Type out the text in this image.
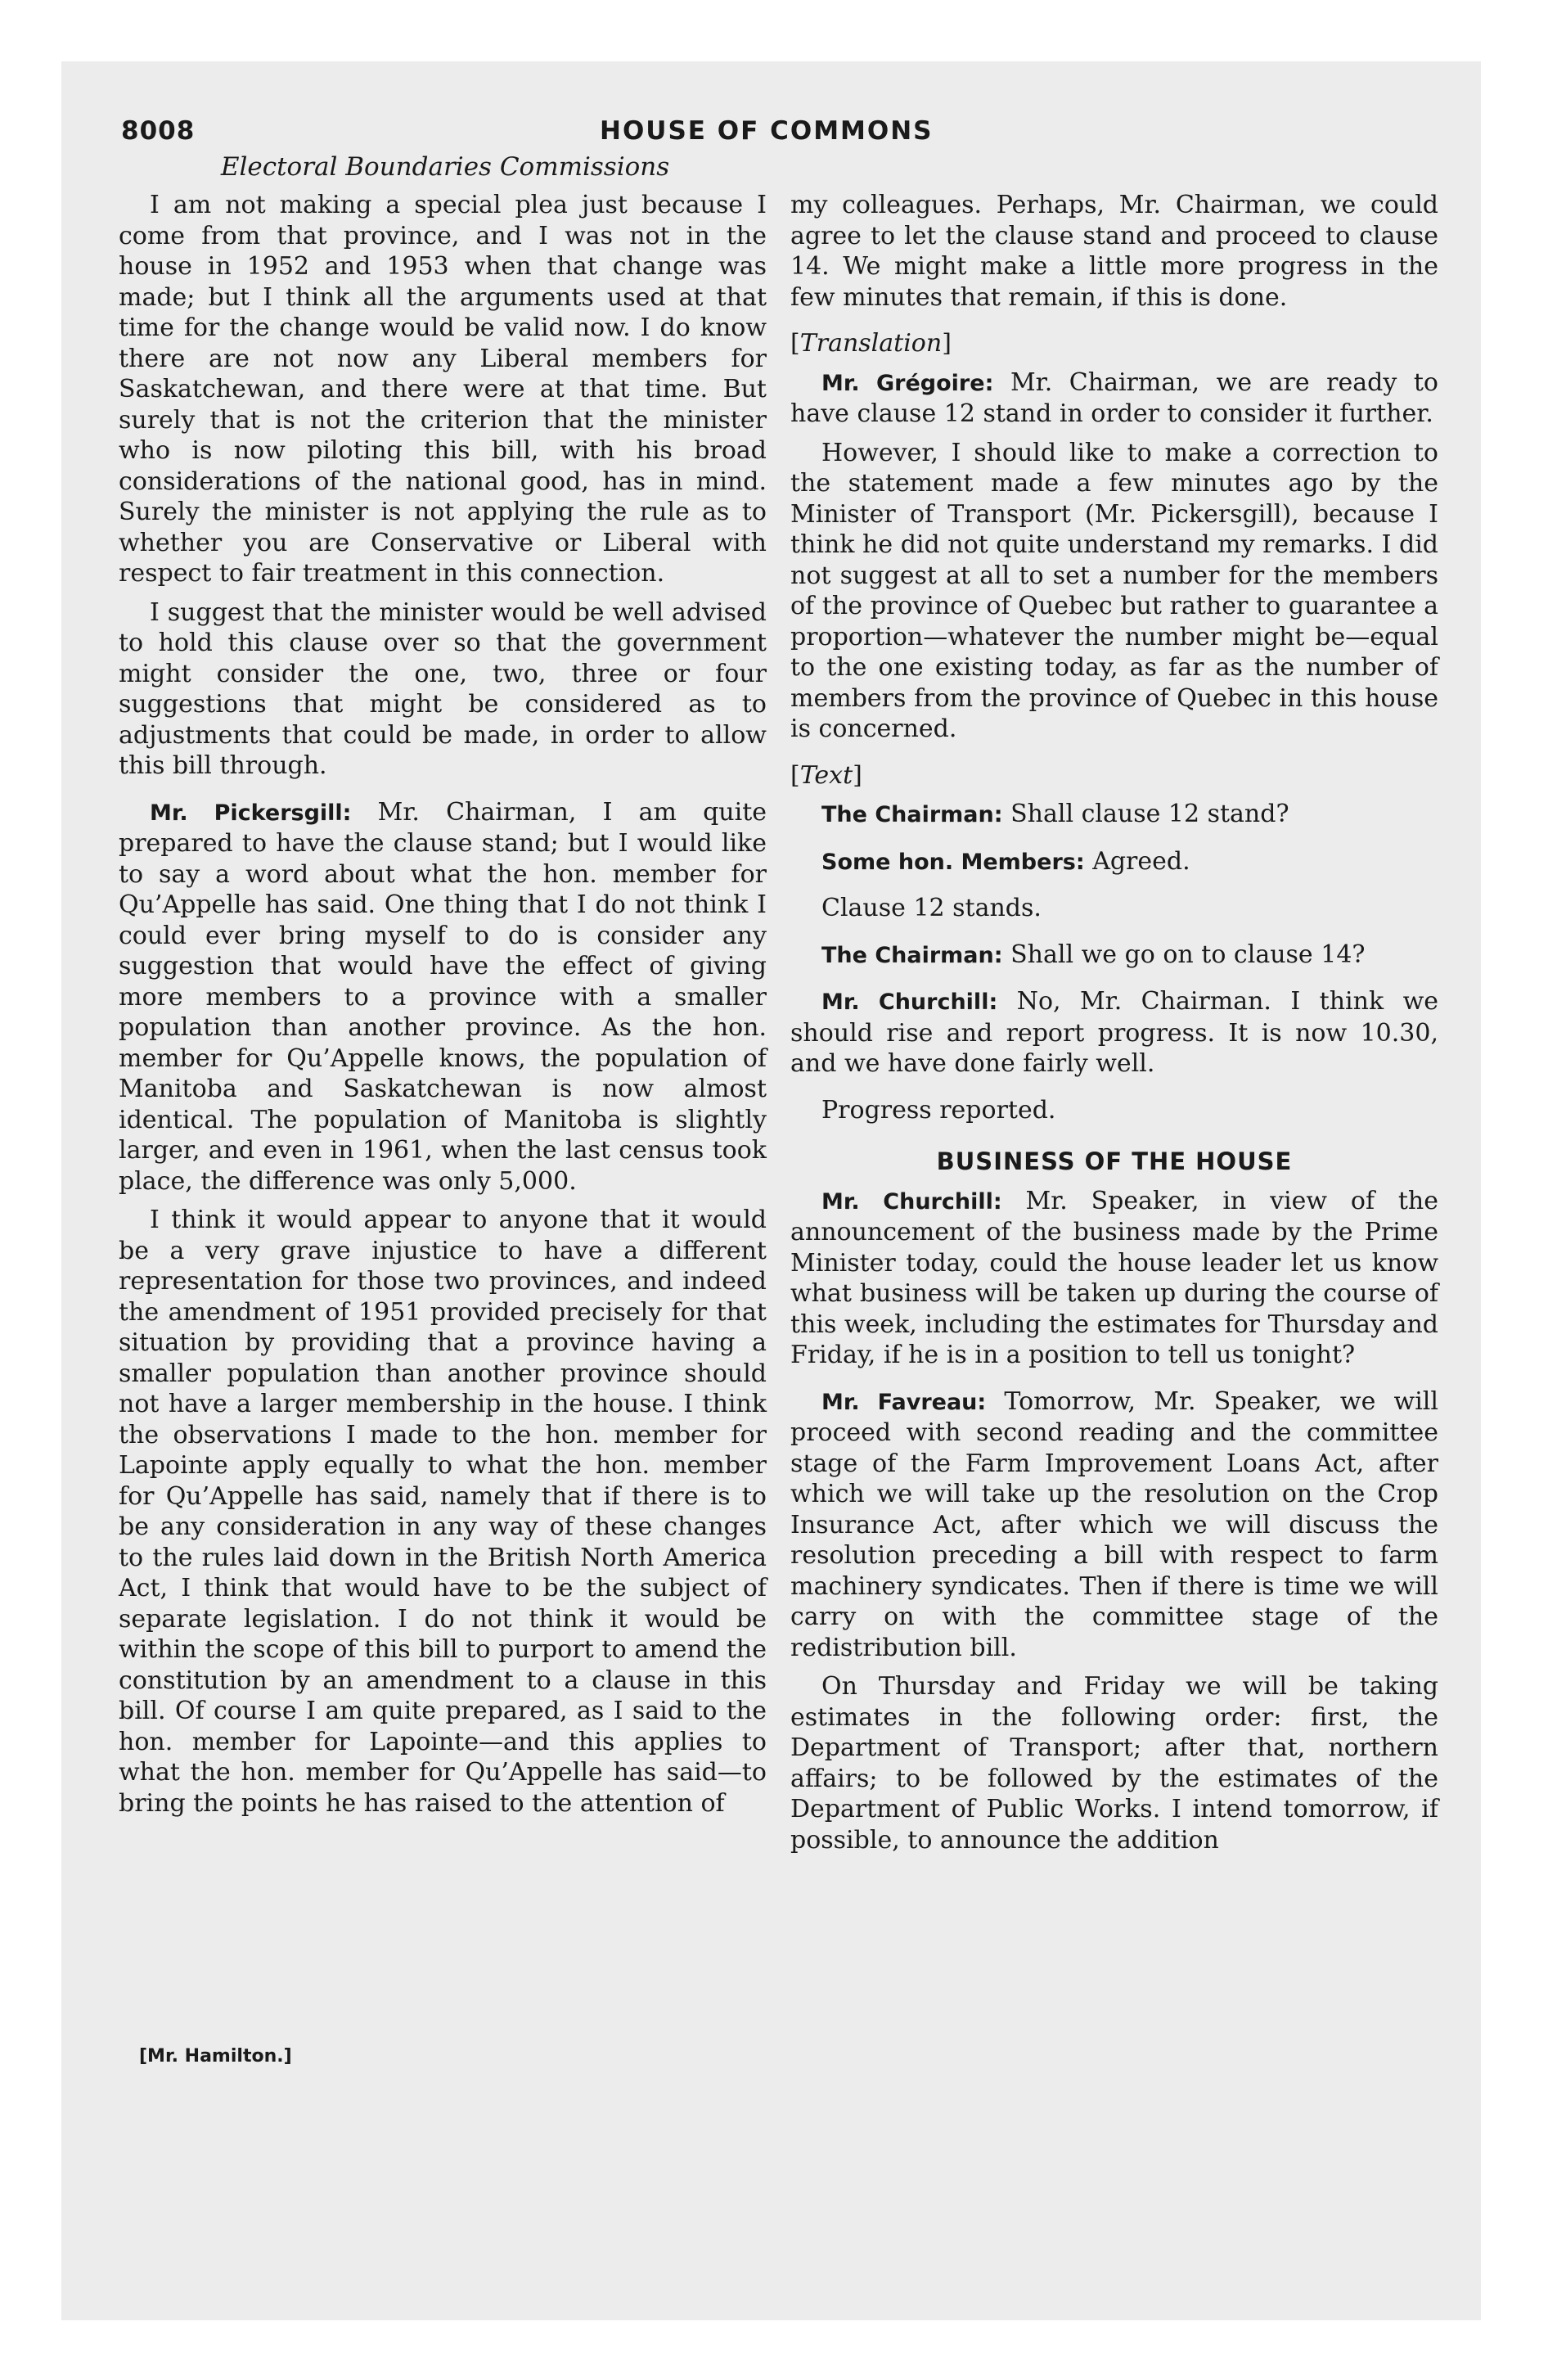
8008	HOUSE OF COMMONS
Electoral Boundaries Commissions

I am not making a special plea just because I come from that province, and I was not in the house in 1952 and 1953 when that change was made; but I think all the arguments used at that time for the change would be valid now. I do know there are not now any Liberal members for Saskatchewan, and there were at that time. But surely that is not the criterion that the minister who is now piloting this bill, with his broad considerations of the national good, has in mind. Surely the minister is not applying the rule as to whether you are Conservative or Liberal with respect to fair treatment in this connection.

I suggest that the minister would be well advised to hold this clause over so that the government might consider the one, two, three or four suggestions that might be considered as to adjustments that could be made, in order to allow this bill through.

Mr. Pickersgill: Mr. Chairman, I am quite prepared to have the clause stand; but I would like to say a word about what the hon. member for Qu’Appelle has said. One thing that I do not think I could ever bring myself to do is consider any suggestion that would have the effect of giving more members to a province with a smaller population than another province. As the hon. member for Qu’Appelle knows, the population of Manitoba and Saskatchewan is now almost identical. The population of Manitoba is slightly larger, and even in 1961, when the last census took place, the difference was only 5,000.

I think it would appear to anyone that it would be a very grave injustice to have a different representation for those two provinces, and indeed the amendment of 1951 provided precisely for that situation by providing that a province having a smaller population than another province should not have a larger membership in the house. I think the observations I made to the hon. member for Lapointe apply equally to what the hon. member for Qu’Appelle has said, namely that if there is to be any consideration in any way of these changes to the rules laid down in the British North America Act, I think that would have to be the subject of separate legislation. I do not think it would be within the scope of this bill to purport to amend the constitution by an amendment to a clause in this bill. Of course I am quite prepared, as I said to the hon. member for Lapointe—and this applies to what the hon. member for Qu’Appelle has said—to bring the points he has raised to the attention of

my colleagues. Perhaps, Mr. Chairman, we could agree to let the clause stand and proceed to clause 14. We might make a little more progress in the few minutes that remain, if this is done.

[Translation]

Mr. Grégoire: Mr. Chairman, we are ready to have clause 12 stand in order to consider it further.

However, I should like to make a correction to the statement made a few minutes ago by the Minister of Transport (Mr. Pickersgill), because I think he did not quite understand my remarks. I did not suggest at all to set a number for the members of the province of Quebec but rather to guarantee a proportion—whatever the number might be—equal to the one existing today, as far as the number of members from the province of Quebec in this house is concerned.

[Text]

The Chairman: Shall clause 12 stand?

Some hon. Members: Agreed.

Clause 12 stands.

The Chairman: Shall we go on to clause 14?

Mr. Churchill: No, Mr. Chairman. I think we should rise and report progress. It is now 10.30, and we have done fairly well.

Progress reported.

BUSINESS OF THE HOUSE

Mr. Churchill: Mr. Speaker, in view of the announcement of the business made by the Prime Minister today, could the house leader let us know what business will be taken up during the course of this week, including the estimates for Thursday and Friday, if he is in a position to tell us tonight?

Mr. Favreau: Tomorrow, Mr. Speaker, we will proceed with second reading and the committee stage of the Farm Improvement Loans Act, after which we will take up the resolution on the Crop Insurance Act, after which we will discuss the resolution preceding a bill with respect to farm machinery syndicates. Then if there is time we will carry on with the committee stage of the redistribution bill.

On Thursday and Friday we will be taking estimates in the following order: first, the Department of Transport; after that, northern affairs; to be followed by the estimates of the Department of Public Works. I intend tomorrow, if possible, to announce the addition

[Mr. Hamilton.]
